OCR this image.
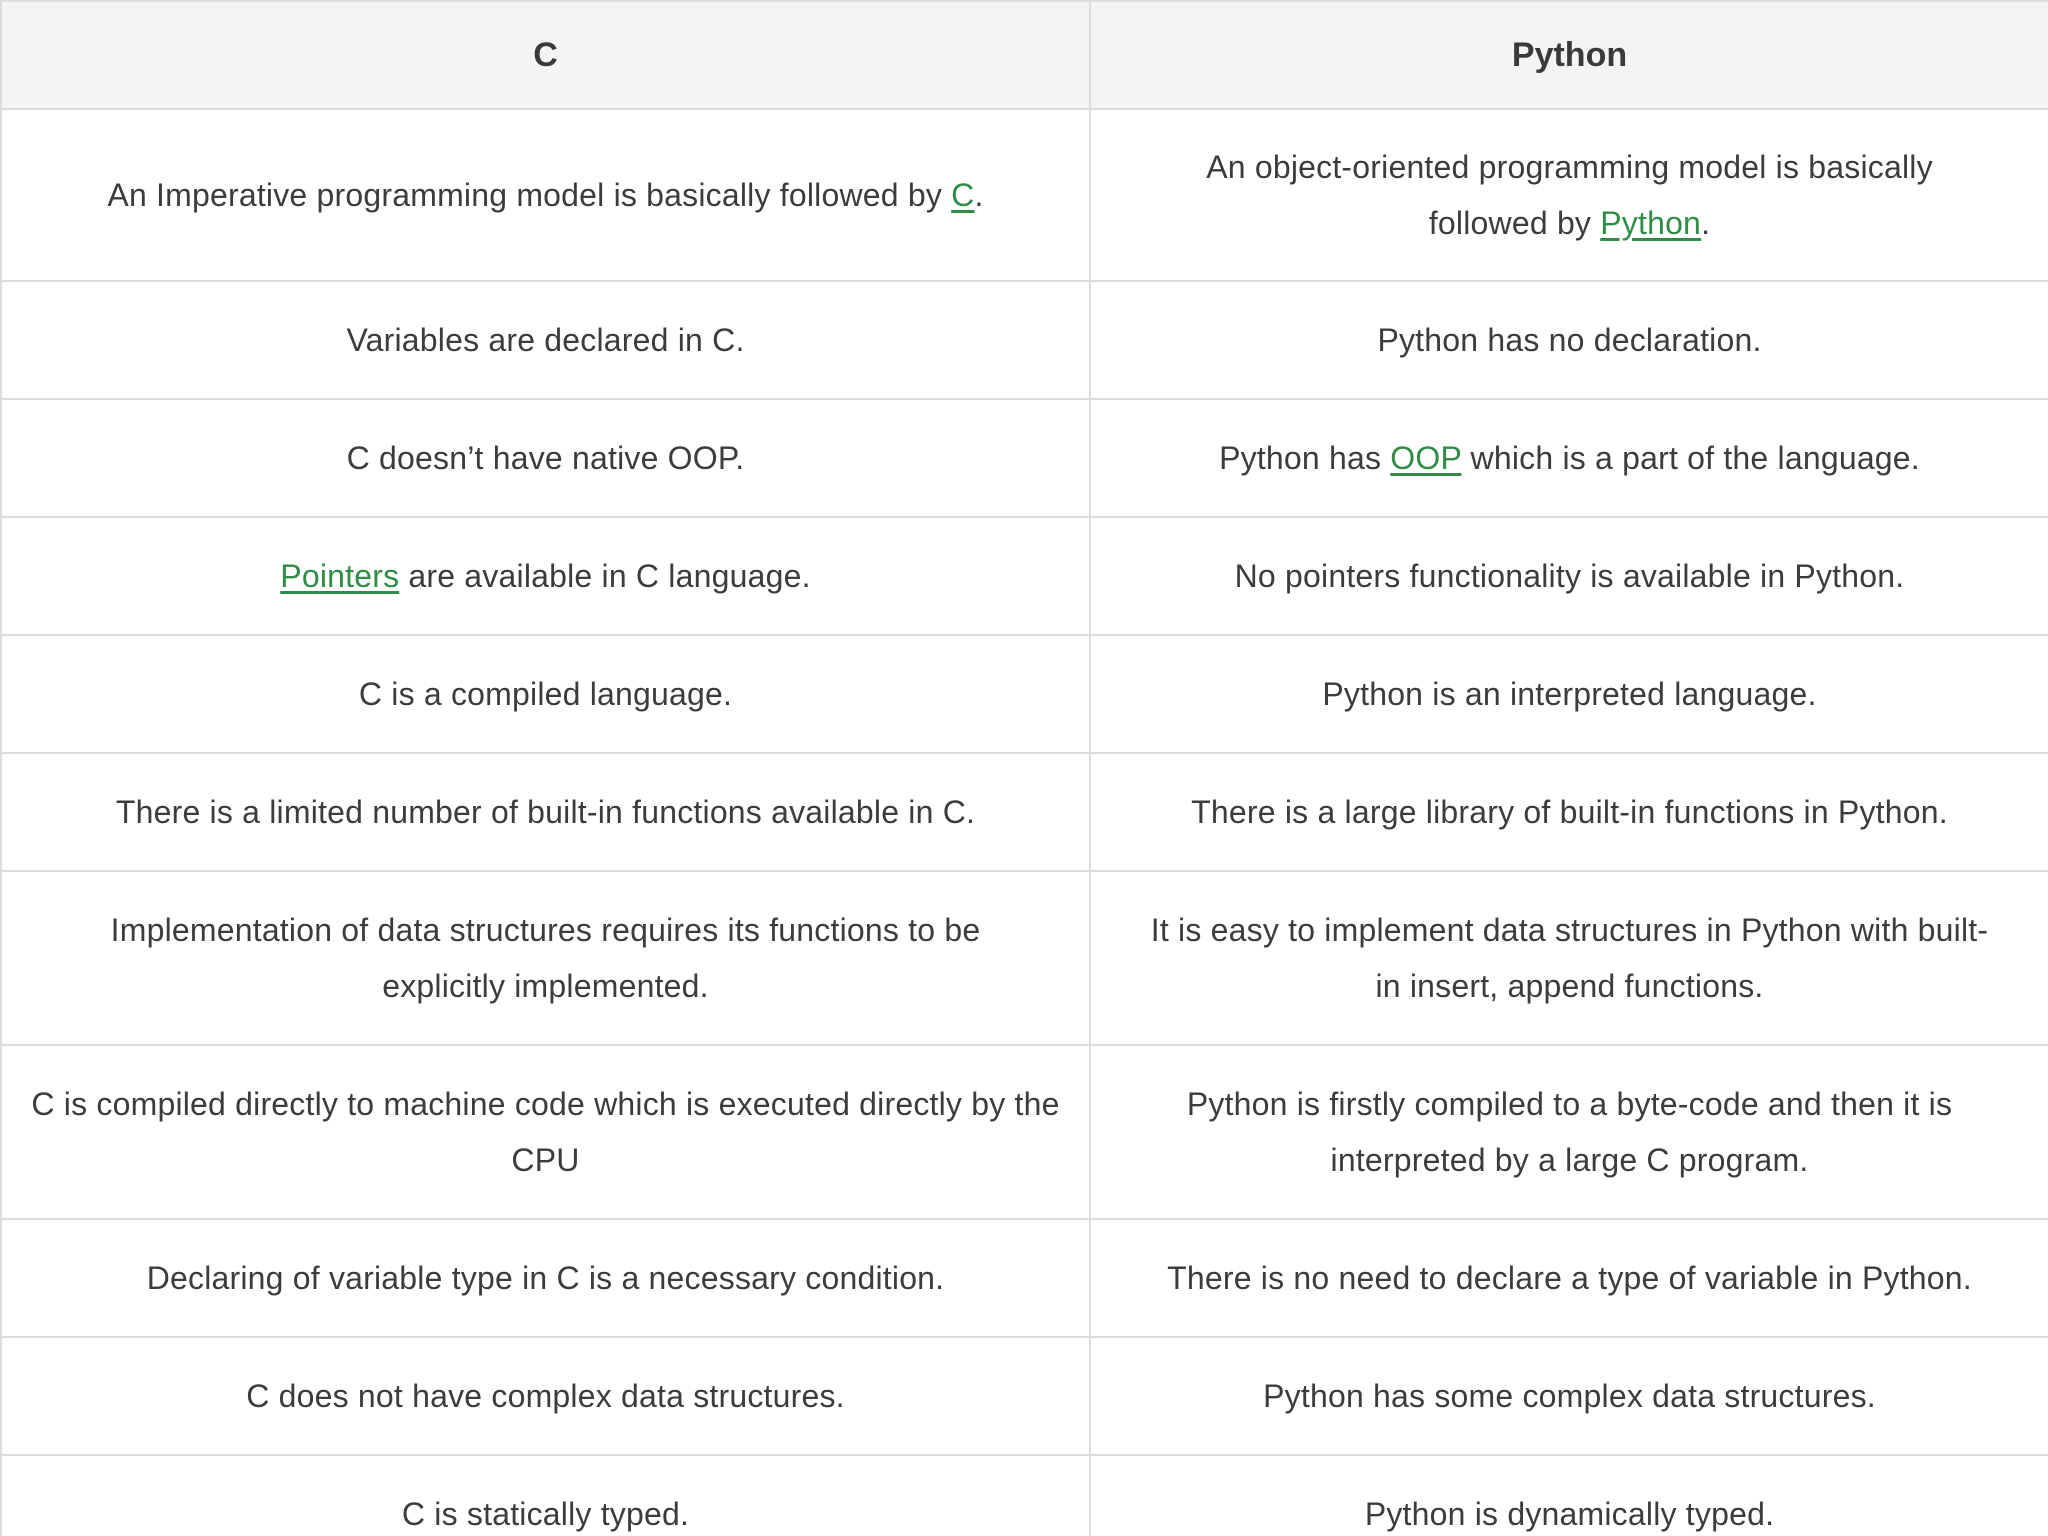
C	Python
An Imperative programming model is basically followed by C.	An object-oriented programming model is basically followed by Python.
Variables are declared in C.	Python has no declaration.
C doesn’t have native OOP.	Python has OOP which is a part of the language.
Pointers are available in C language.	No pointers functionality is available in Python.
C is a compiled language.	Python is an interpreted language.
There is a limited number of built-in functions available in C.	There is a large library of built-in functions in Python.
Implementation of data structures requires its functions to be explicitly implemented.	It is easy to implement data structures in Python with built-in insert, append functions.
C is compiled directly to machine code which is executed directly by the CPU	Python is firstly compiled to a byte-code and then it is interpreted by a large C program.
Declaring of variable type in C is a necessary condition.	There is no need to declare a type of variable in Python.
C does not have complex data structures.	Python has some complex data structures.
C is statically typed.	Python is dynamically typed.
